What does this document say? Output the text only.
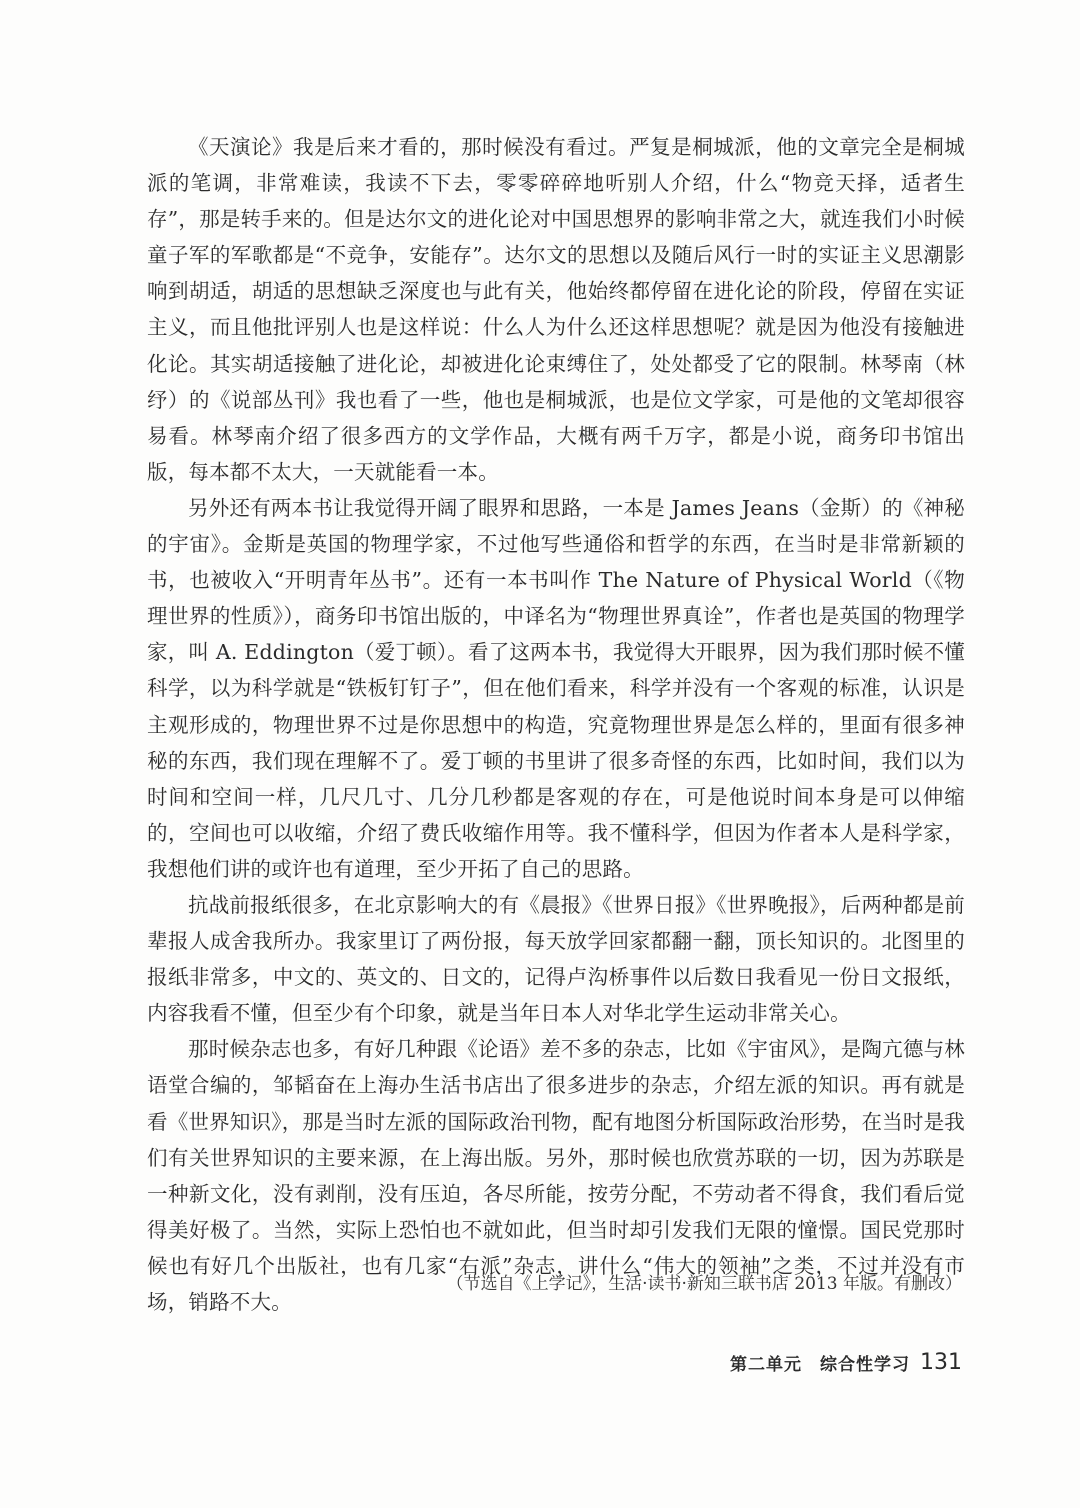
《天演论》我是后来才看的，那时候没有看过。严复是桐城派，他的文章完全是桐城派的笔调，非常难读，我读不下去，零零碎碎地听别人介绍，什么“物竞天择，适者生存”，那是转手来的。但是达尔文的进化论对中国思想界的影响非常之大，就连我们小时候童子军的军歌都是“不竞争，安能存”。达尔文的思想以及随后风行一时的实证主义思潮影响到胡适，胡适的思想缺乏深度也与此有关，他始终都停留在进化论的阶段，停留在实证主义，而且他批评别人也是这样说：什么人为什么还这样思想呢？就是因为他没有接触进化论。其实胡适接触了进化论，却被进化论束缚住了，处处都受了它的限制。林琴南（林纾）的《说部丛刊》我也看了一些，他也是桐城派，也是位文学家，可是他的文笔却很容易看。林琴南介绍了很多西方的文学作品，大概有两千万字，都是小说，商务印书馆出版，每本都不太大，一天就能看一本。

另外还有两本书让我觉得开阔了眼界和思路，一本是 James Jeans（金斯）的《神秘的宇宙》。金斯是英国的物理学家，不过他写些通俗和哲学的东西，在当时是非常新颖的书，也被收入“开明青年丛书”。还有一本书叫作 The Nature of Physical World（《物理世界的性质》），商务印书馆出版的，中译名为“物理世界真诠”，作者也是英国的物理学家，叫 A. Eddington（爱丁顿）。看了这两本书，我觉得大开眼界，因为我们那时候不懂科学，以为科学就是“铁板钉钉子”，但在他们看来，科学并没有一个客观的标准，认识是主观形成的，物理世界不过是你思想中的构造，究竟物理世界是怎么样的，里面有很多神秘的东西，我们现在理解不了。爱丁顿的书里讲了很多奇怪的东西，比如时间，我们以为时间和空间一样，几尺几寸、几分几秒都是客观的存在，可是他说时间本身是可以伸缩的，空间也可以收缩，介绍了费氏收缩作用等。我不懂科学，但因为作者本人是科学家，我想他们讲的或许也有道理，至少开拓了自己的思路。

抗战前报纸很多，在北京影响大的有《晨报》《世界日报》《世界晚报》，后两种都是前辈报人成舍我所办。我家里订了两份报，每天放学回家都翻一翻，顶长知识的。北图里的报纸非常多，中文的、英文的、日文的，记得卢沟桥事件以后数日我看见一份日文报纸，内容我看不懂，但至少有个印象，就是当年日本人对华北学生运动非常关心。

那时候杂志也多，有好几种跟《论语》差不多的杂志，比如《宇宙风》，是陶亢德与林语堂合编的，邹韬奋在上海办生活书店出了很多进步的杂志，介绍左派的知识。再有就是看《世界知识》，那是当时左派的国际政治刊物，配有地图分析国际政治形势，在当时是我们有关世界知识的主要来源，在上海出版。另外，那时候也欣赏苏联的一切，因为苏联是一种新文化，没有剥削，没有压迫，各尽所能，按劳分配，不劳动者不得食，我们看后觉得美好极了。当然，实际上恐怕也不就如此，但当时却引发我们无限的憧憬。国民党那时候也有好几个出版社，也有几家“右派”杂志，讲什么“伟大的领袖”之类，不过并没有市场，销路不大。

（节选自《上学记》，生活·读书·新知三联书店 2013 年版。有删改）
第二单元　综合性学习 131
